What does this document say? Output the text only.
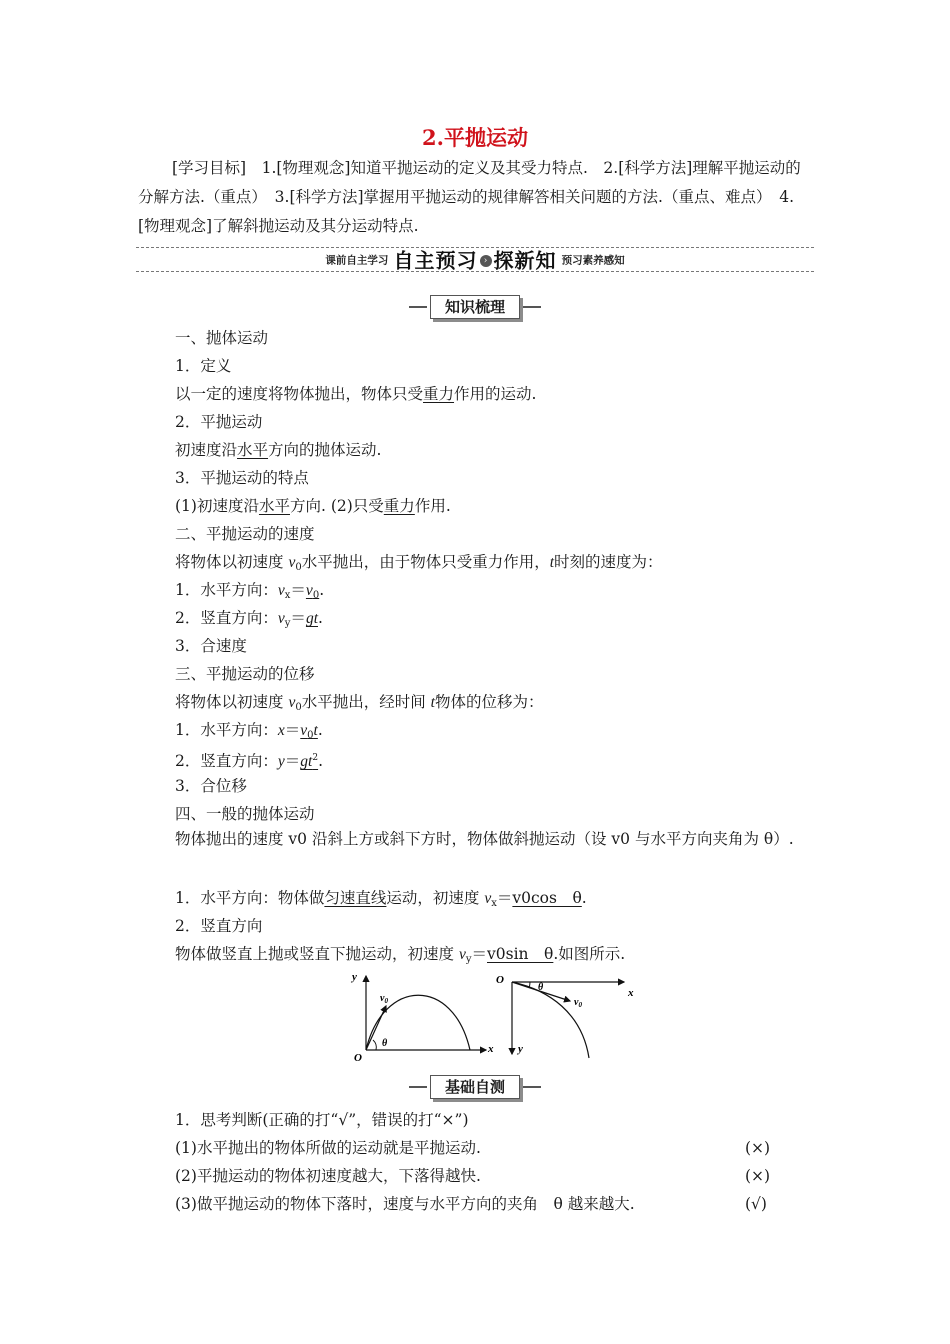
2.平抛运动
[学习目标]　1.[物理观念]知道平抛运动的定义及其受力特点.　2.[科学方法]理解平抛运动的分解方法.（重点）　3.[科学方法]掌握用平抛运动的规律解答相关问题的方法.（重点、难点）　4.[物理观念]了解斜抛运动及其分运动特点.
课前自主学习 自主预习 › 探新知 预习素养感知
知识梳理
一、抛体运动
1．定义
以一定的速度将物体抛出，物体只受重力作用的运动.
2．平抛运动
初速度沿水平方向的抛体运动.
3．平抛运动的特点
(1)初速度沿水平方向. (2)只受重力作用.
二、平抛运动的速度
将物体以初速度 $v_0$水平抛出，由于物体只受重力作用，t时刻的速度为：
1．水平方向：$v_x=v_0$.
2．竖直方向：$v_y=gt$.
3．合速度
三、平抛运动的位移
将物体以初速度 $v_0$水平抛出，经时间 t物体的位移为：
1．水平方向：$x=v_0t$.
2．竖直方向：$y=gt^2$.
3．合位移
四、一般的抛体运动
物体抛出的速度 v0 沿斜上方或斜下方时，物体做斜抛运动（设 v0 与水平方向夹角为 θ）.
1．水平方向：物体做匀速直线运动，初速度 $v_x=v0\cos$　θ.
2．竖直方向
物体做竖直上抛或竖直下抛运动，初速度 $v_y=v0\sin$　θ.如图所示.
y
x
O
$v_0$
θ
O
x
y
$v_0$
θ
基础自测
1．思考判断(正确的打“√”，错误的打“×”)
(1)水平抛出的物体所做的运动就是平抛运动.	(×)
(2)平抛运动的物体初速度越大，下落得越快.	(×)
(3)做平抛运动的物体下落时，速度与水平方向的夹角　θ 越来越大.	(√)
